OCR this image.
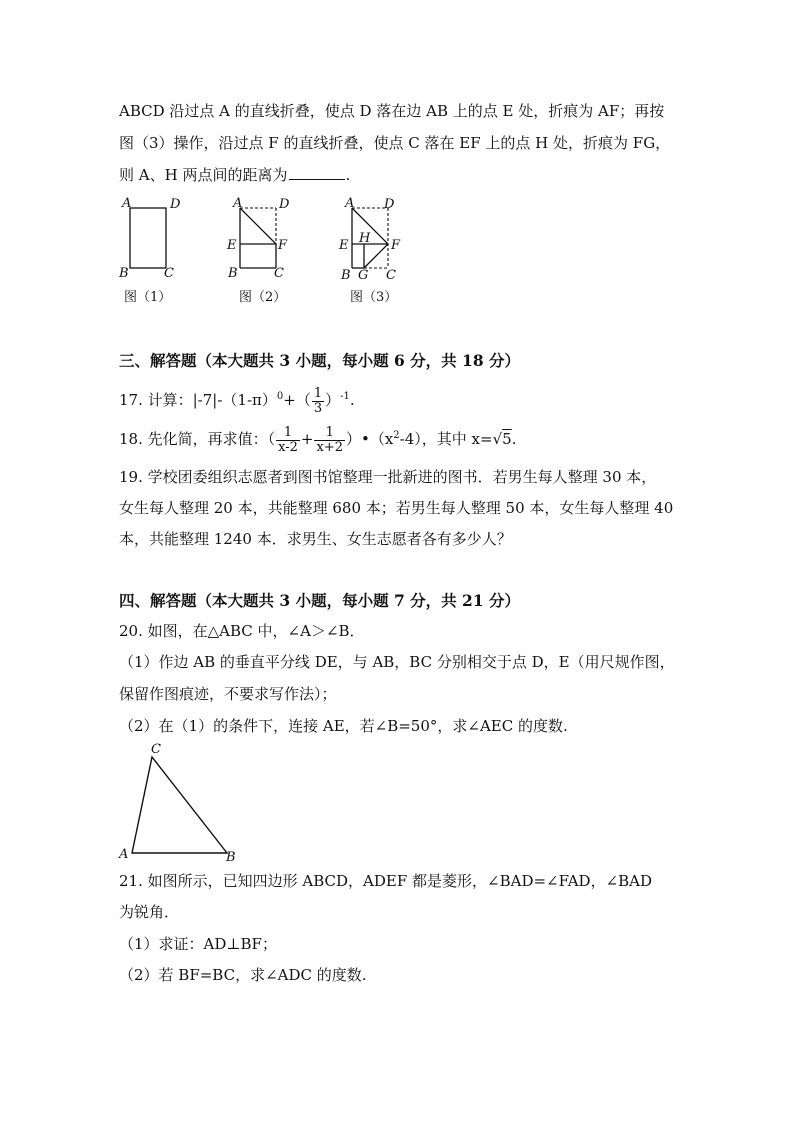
ABCD 沿过点 A 的直线折叠，使点 D 落在边 AB 上的点 E 处，折痕为 AF；再按
图（3）操作，沿过点 F 的直线折叠，使点 C 落在 EF 上的点 H 处，折痕为 FG，
则 A、H 两点间的距离为	.
A	D
B	C
图（1）
A	D
E	F
B	C
图（2）
A D
E H F
B G C
图（3）
三、解答题（本大题共 3 小题，每小题 6 分，共 18 分）
17. 计算：$|-7|-(1-\pi)^0+( \frac{1}{3} )^{-1}$.
18. 先化简，再求值：（ $\frac{1}{x-2} + \frac{1}{x+2}$ ）$•(x^2-4)$，其中 x=√5.
19. 学校团委组织志愿者到图书馆整理一批新进的图书．若男生每人整理 30 本，
女生每人整理 20 本，共能整理 680 本；若男生每人整理 50 本，女生每人整理 40
本，共能整理 1240 本．求男生、女生志愿者各有多少人？
四、解答题（本大题共 3 小题，每小题 7 分，共 21 分）
20. 如图，在△ABC 中，∠A＞∠B．
（1）作边 AB 的垂直平分线 DE，与 AB，BC 分别相交于点 D，E（用尺规作图，
保留作图痕迹，不要求写作法）；
（2）在（1）的条件下，连接 AE，若∠B=50°，求∠AEC 的度数.
C
A	B
21. 如图所示，已知四边形 ABCD，ADEF 都是菱形，∠BAD=∠FAD，∠BAD
为锐角．
（1）求证：AD⊥BF；
（2）若 BF=BC，求∠ADC 的度数.
